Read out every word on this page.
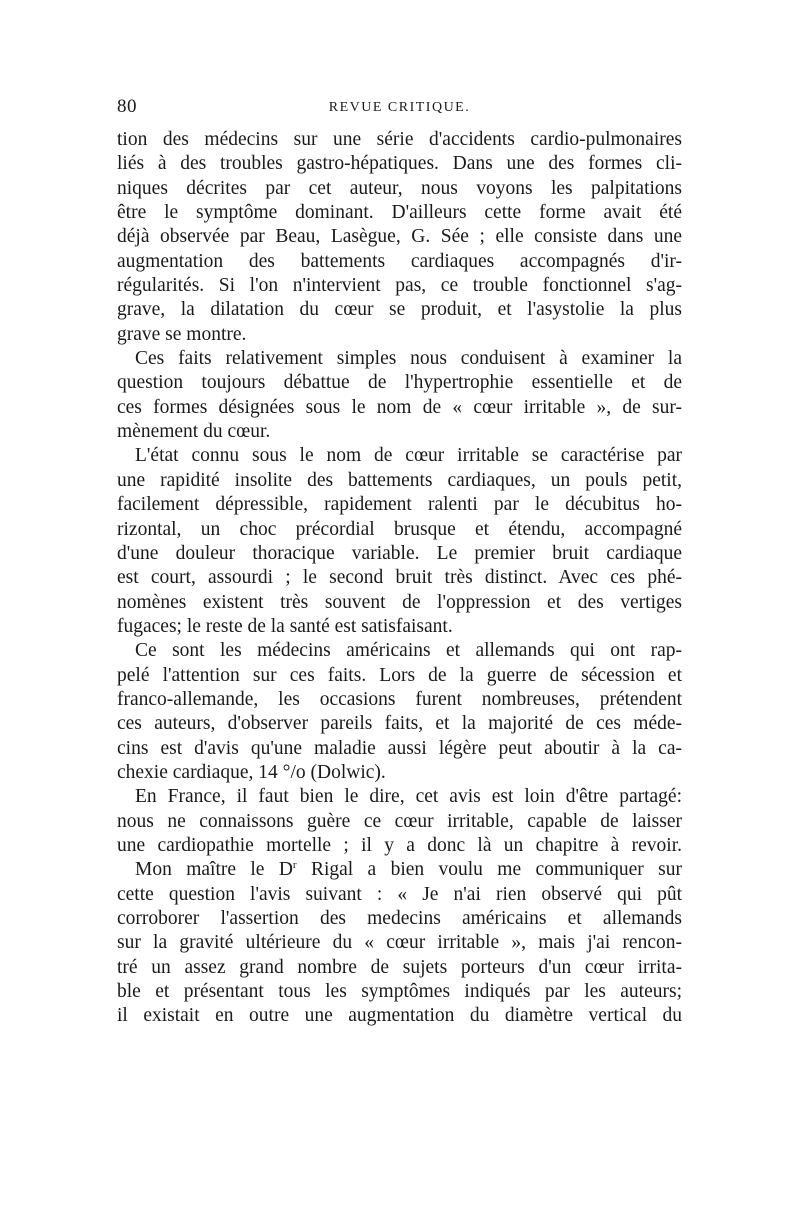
80	REVUE CRITIQUE.
tion des médecins sur une série d'accidents cardio-pulmonaires
liés à des troubles gastro-hépatiques. Dans une des formes cli-
niques décrites par cet auteur, nous voyons les palpitations
être le symptôme dominant. D'ailleurs cette forme avait été
déjà observée par Beau, Lasègue, G. Sée ; elle consiste dans une
augmentation des battements cardiaques accompagnés d'ir-
régularités. Si l'on n'intervient pas, ce trouble fonctionnel s'ag-
grave, la dilatation du cœur se produit, et l'asystolie la plus
grave se montre.
Ces faits relativement simples nous conduisent à examiner la
question toujours débattue de l'hypertrophie essentielle et de
ces formes désignées sous le nom de « cœur irritable », de sur-
mènement du cœur.
L'état connu sous le nom de cœur irritable se caractérise par
une rapidité insolite des battements cardiaques, un pouls petit,
facilement dépressible, rapidement ralenti par le décubitus ho-
rizontal, un choc précordial brusque et étendu, accompagné
d'une douleur thoracique variable. Le premier bruit cardiaque
est court, assourdi ; le second bruit très distinct. Avec ces phé-
nomènes existent très souvent de l'oppression et des vertiges
fugaces; le reste de la santé est satisfaisant.
Ce sont les médecins américains et allemands qui ont rap-
pelé l'attention sur ces faits. Lors de la guerre de sécession et
franco-allemande, les occasions furent nombreuses, prétendent
ces auteurs, d'observer pareils faits, et la majorité de ces méde-
cins est d'avis qu'une maladie aussi légère peut aboutir à la ca-
chexie cardiaque, 14 °/o (Dolwic).
En France, il faut bien le dire, cet avis est loin d'être partagé:
nous ne connaissons guère ce cœur irritable, capable de laisser
une cardiopathie mortelle ; il y a donc là un chapitre à revoir.
Mon maître le $D^r$ Rigal a bien voulu me communiquer sur
cette question l'avis suivant : « Je n'ai rien observé qui pût
corroborer l'assertion des medecins américains et allemands
sur la gravité ultérieure du « cœur irritable », mais j'ai rencon-
tré un assez grand nombre de sujets porteurs d'un cœur irrita-
ble et présentant tous les symptômes indiqués par les auteurs;
il existait en outre une augmentation du diamètre vertical du
